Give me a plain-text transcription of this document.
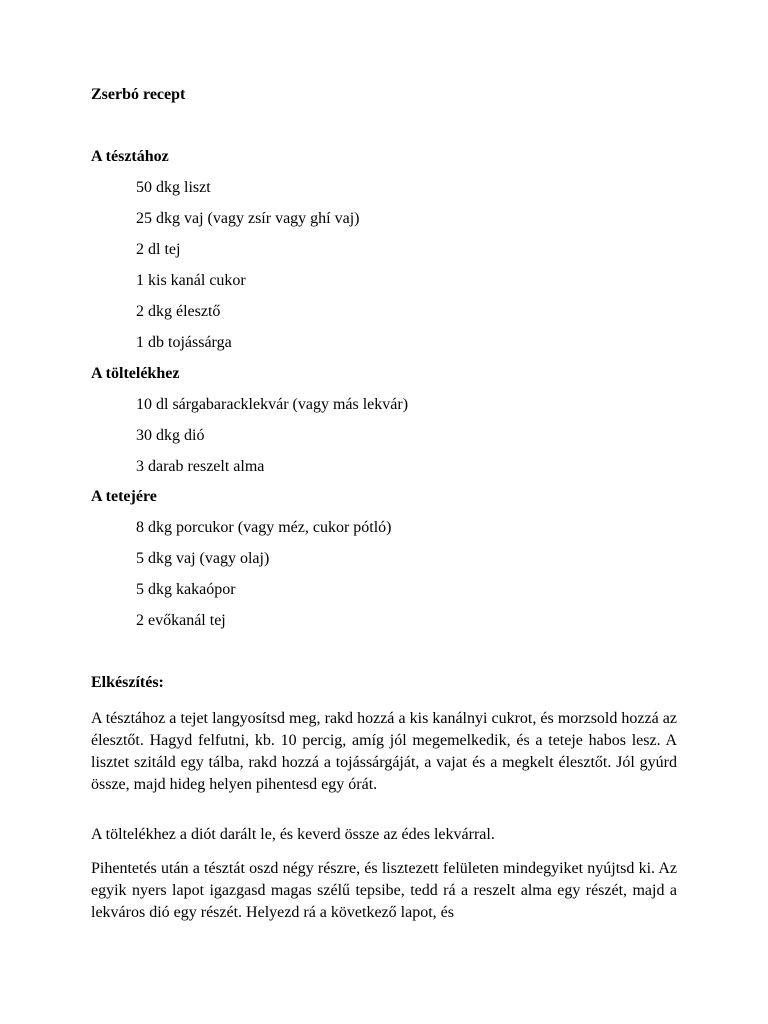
Zserbó recept
A tésztához
50 dkg liszt
25 dkg vaj (vagy zsír vagy ghí vaj)
2 dl tej
1 kis kanál cukor
2 dkg élesztő
1 db tojássárga
A töltelékhez
10 dl sárgabaracklekvár (vagy más lekvár)
30 dkg dió
3 darab reszelt alma
A tetejére
8 dkg porcukor (vagy méz, cukor pótló)
5 dkg vaj (vagy olaj)
5 dkg kakaópor
2 evőkanál tej
Elkészítés:
A tésztához a tejet langyosítsd meg, rakd hozzá a kis kanálnyi cukrot, és morzsold hozzá az élesztőt. Hagyd felfutni, kb. 10 percig, amíg jól megemelkedik, és a teteje habos lesz. A lisztet szitáld egy tálba, rakd hozzá a tojássárgáját, a vajat és a megkelt élesztőt. Jól gyúrd össze, majd hideg helyen pihentesd egy órát.
A töltelékhez a diót darált le, és keverd össze az édes lekvárral.
Pihentetés után a tésztát oszd négy részre, és lisztezett felületen mindegyiket nyújtsd ki. Az egyik nyers lapot igazgasd magas szélű tepsibe, tedd rá a reszelt alma egy részét, majd a lekváros dió egy részét. Helyezd rá a következő lapot, és
